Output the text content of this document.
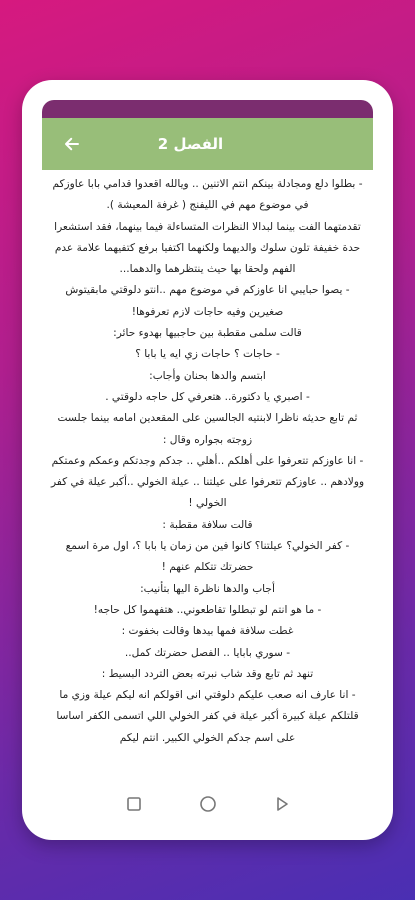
الفصل 2

- بطلوا دلع ومجادلة بينكم انتم الاتنين .. ويالله اقعدوا قدامي بابا عاوزكم في موضوع مهم في الليفنج ( غرفة المعيشة ).

تقدمتهما الفت بينما لبدالا النظرات المتساءلة فيما بينهما، فقد استشعرا حدة خفيفة تلون سلوك والديهما ولكنهما اكتفيا برفع كتفيهما علامة عدم الفهم ولحقا بها حيث ينتظرهما والدهما...

- يصوا حبايبي انا عاوزكم في موضوع مهم ..انتو دلوقتي مابقيتوش صغيرين وفيه حاجات لازم تعرفوها!

قالت سلمى مقطبة بين حاجبيها بهدوء حائر:

- حاجات ؟ حاجات زي ايه يا بابا ؟

ابتسم والدها بحنان وأجاب:

- اصبري يا دكتورة.. هتعرفي كل حاجه دلوقتي .

ثم تابع حديثه ناظرا لابنتيه الجالسين على المقعدين امامه بينما جلست زوجته بجواره وقال :

- انا عاوزكم تتعرفوا على أهلكم ..أهلي .. جدكم وجدتكم وعمكم وعمتكم وولادهم .. عاوزكم تتعرفوا على عيلتنا .. عيلة الخولي ..أكبر عيلة في كفر الخولي !

قالت سلافة مقطبة :

- كفر الخولي؟ عيلتنا؟ كانوا فين من زمان يا بابا ؟، اول مرة اسمع حضرتك تتكلم عنهم !

أجاب والدها ناظرة اليها بتأنيب:

- ما هو انتم لو تبطلوا تقاطعوني.. هتفهموا كل حاجه!

غطت سلافة فمها بيدها وقالت بخفوت :

- سوري بابايا .. الفصل حضرتك كمل..

تنهد ثم تابع وقد شاب نبرته بعض التردد البسيط :

- انا عارف انه صعب عليكم دلوقتي انى اقولكم انه ليكم عيلة وزي ما قلتلكم عيلة كبيرة أكبر عيلة في كفر الخولي اللي اتسمى الكفر اساسا على اسم جدكم الخولي الكبير. انتم ليكم
